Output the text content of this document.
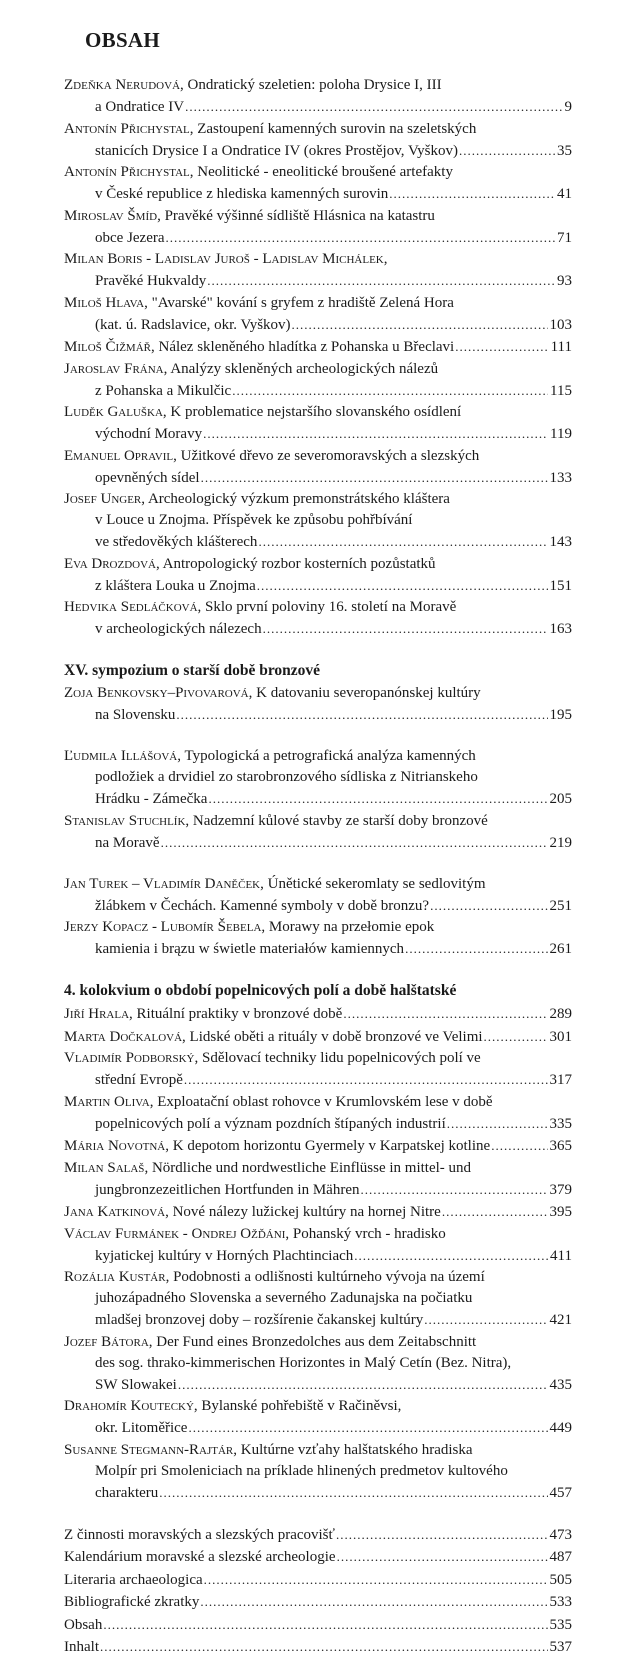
OBSAH
Zdeňka Nerudová, Ondratický szeletien: poloha Drysice I, III
a Ondratice IV .....	9
Antonín Přichystal, Zastoupení kamenných surovin na szeletských
stanicích Drysice I a Ondratice IV (okres Prostějov, Vyškov) .....	35
Antonín Přichystal, Neolitické - eneolitické broušené artefakty
v České republice z hlediska kamenných surovin .....	41
Miroslav Šmíd, Pravěké výšinné sídliště Hlásnica na katastru
obce Jezera .....	71
Milan Boris - Ladislav Juroš - Ladislav Michálek,
Pravěké Hukvaldy .....	93
Miloš Hlava, "Avarské" kování s gryfem z hradiště Zelená Hora
(kat. ú. Radslavice, okr. Vyškov) .....	103
Miloš Čižmář, Nález skleněného hladítka z Pohanska u Břeclavi .....	111
Jaroslav Frána, Analýzy skleněných archeologických nálezů
z Pohanska a Mikulčic .....	115
Luděk Galuška, K problematice nejstaršího slovanského osídlení
východní Moravy .....	119
Emanuel Opravil, Užitkové dřevo ze severomoravských a slezských
opevněných sídel .....	133
Josef Unger, Archeologický výzkum premonstrátského kláštera
v Louce u Znojma. Příspěvek ke způsobu pohřbívání
ve středověkých klášterech .....	143
Eva Drozdová, Antropologický rozbor kosterních pozůstatků
z kláštera Louka u Znojma .....	151
Hedvika Sedláčková, Sklo první poloviny 16. století na Moravě
v archeologických nálezech .....	163
XV. sympozium o starší době bronzové
Zoja Benkovsky–Pivovarová, K datovaniu severopanónskej kultúry
na Slovensku .....	195
Ľudmila Illášová, Typologická a petrografická analýza kamenných
podložiek a drvidiel zo starobronzového sídliska z Nitrianskeho
Hrádku - Zámečka .....	205
Stanislav Stuchlík, Nadzemní kůlové stavby ze starší doby bronzové
na Moravě .....	219
Jan Turek – Vladimír Daněček, Únětické sekeromlaty se sedlovitým
žlábkem v Čechách. Kamenné symboly v době bronzu? .....	251
Jerzy Kopacz - Lubomír Šebela, Morawy na przełomie epok
kamienia i brązu w świetle materiałów kamiennych .....	261
4. kolokvium o období popelnicových polí a době halštatské
Jiří Hrala, Rituální praktiky v bronzové době .....	289
Marta Dočkalová, Lidské oběti a rituály v době bronzové ve Velimi .....	301
Vladimír Podborský, Sdělovací techniky lidu popelnicových polí ve
střední Evropě .....	317
Martin Oliva, Exploatační oblast rohovce v Krumlovském lese v době
popelnicových polí a význam pozdních štípaných industrií .....	335
Mária Novotná, K depotom horizontu Gyermely v Karpatskej kotline .....	365
Milan Salaš, Nördliche und nordwestliche Einflüsse in mittel- und
jungbronzezeitlichen Hortfunden in Mähren .....	379
Jana Katkinová, Nové nálezy lužickej kultúry na hornej Nitre .....	395
Václav Furmánek - Ondrej Ožďáni, Pohanský vrch - hradisko
kyjatickej kultúry v Horných Plachtinciach .....	411
Rozália Kustár, Podobnosti a odlišnosti kultúrneho vývoja na území
juhozápadného Slovenska a severného Zadunajska na počiatku
mladšej bronzovej doby – rozšírenie čakanskej kultúry .....	421
Jozef Bátora, Der Fund eines Bronzedolches aus dem Zeitabschnitt
des sog. thrako-kimmerischen Horizontes in Malý Cetín (Bez. Nitra),
SW Slowakei .....	435
Drahomír Koutecký, Bylanské pohřebiště v Račiněvsi,
okr. Litoměřice .....	449
Susanne Stegmann-Rajtár, Kultúrne vzťahy halštatského hradiska
Molpír pri Smoleniciach na príklade hlinených predmetov kultového
charakteru .....	457
Z činnosti moravských a slezských pracovišť .....	473
Kalendárium moravské a slezské archeologie .....	487
Literaria archaeologica .....	505
Bibliografické zkratky .....	533
Obsah .....	535
Inhalt .....	537
